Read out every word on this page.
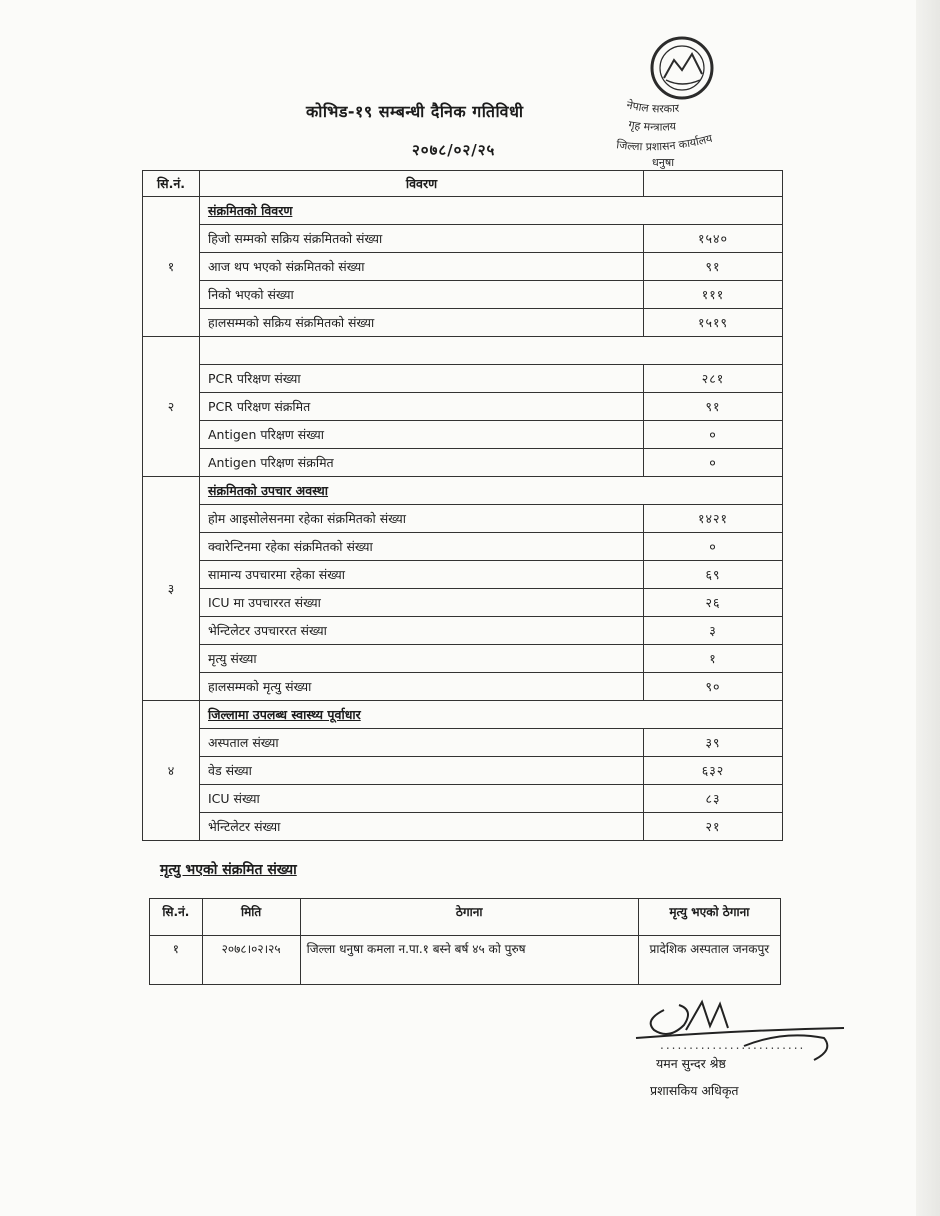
कोभिड-१९ सम्बन्धी दैनिक गतिविधी
२०७८/०२/२५
नेपाल सरकार
गृह मन्त्रालय
जिल्ला प्रशासन कार्यालय
धनुषा
सि.नं.	विवरण	
१	संक्रमितको विवरण	
	हिजो सम्मको सक्रिय संक्रमितको संख्या	१५४०
	आज थप भएको संक्रमितको संख्या	९१
	निको भएको संख्या	१११
	हालसम्मको सक्रिय संक्रमितको संख्या	१५१९
२		
	PCR परिक्षण संख्या	२८१
	PCR परिक्षण संक्रमित	९१
	Antigen परिक्षण संख्या	०
	Antigen परिक्षण संक्रमित	०
३	संक्रमितको उपचार अवस्था	
	होम आइसोलेसनमा रहेका संक्रमितको संख्या	१४२१
	क्वारेन्टिनमा रहेका संक्रमितको संख्या	०
	सामान्य उपचारमा रहेका संख्या	६९
	ICU मा उपचाररत संख्या	२६
	भेन्टिलेटर उपचाररत संख्या	३
	मृत्यु संख्या	१
	हालसम्मको मृत्यु संख्या	९०
४	जिल्लामा उपलब्ध स्वास्थ्य पूर्वाधार	
	अस्पताल संख्या	३९
	वेड संख्या	६३२
	ICU संख्या	८३
	भेन्टिलेटर संख्या	२१
मृत्यु भएको संक्रमित संख्या
सि.नं.	मिति	ठेगाना	मृत्यु भएको ठेगाना
१	२०७८।०२।२५	जिल्ला धनुषा कमला न.पा.१ बस्ने बर्ष ४५ को पुरुष	प्रादेशिक अस्पताल जनकपुर
.........................
यमन सुन्दर श्रेष्ठ
प्रशासकिय अधिकृत
